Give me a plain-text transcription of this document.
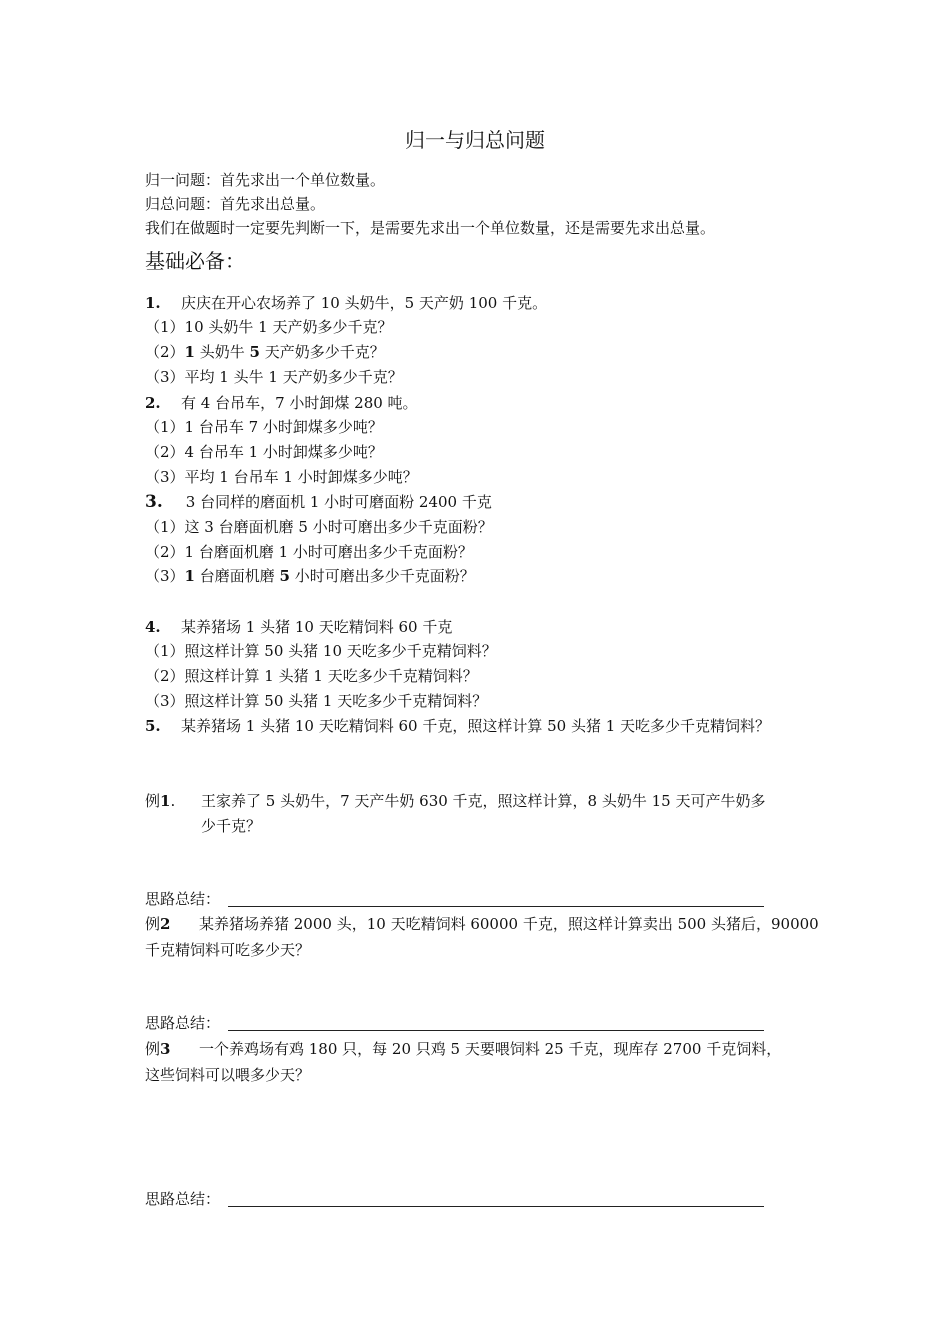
归一与归总问题
归一问题：首先求出一个单位数量。
归总问题：首先求出总量。
我们在做题时一定要先判断一下，是需要先求出一个单位数量，还是需要先求出总量。
基础必备：
1. 庆庆在开心农场养了 10 头奶牛，5 天产奶 100 千克。
（1）10 头奶牛 1 天产奶多少千克？
（2）1 头奶牛 5 天产奶多少千克？
（3）平均 1 头牛 1 天产奶多少千克？
2. 有 4 台吊车，7 小时卸煤 280 吨。
（1）1 台吊车 7 小时卸煤多少吨？
（2）4 台吊车 1 小时卸煤多少吨？
（3）平均 1 台吊车 1 小时卸煤多少吨？
3. 3 台同样的磨面机 1 小时可磨面粉 2400 千克
（1）这 3 台磨面机磨 5 小时可磨出多少千克面粉？
（2）1 台磨面机磨 1 小时可磨出多少千克面粉？
（3）1 台磨面机磨 5 小时可磨出多少千克面粉？
4. 某养猪场 1 头猪 10 天吃精饲料 60 千克
（1）照这样计算 50 头猪 10 天吃多少千克精饲料？
（2）照这样计算 1 头猪 1 天吃多少千克精饲料？
（3）照这样计算 50 头猪 1 天吃多少千克精饲料？
5. 某养猪场 1 头猪 10 天吃精饲料 60 千克，照这样计算 50 头猪 1 天吃多少千克精饲料？
例1. 王家养了 5 头奶牛，7 天产牛奶 630 千克，照这样计算，8 头奶牛 15 天可产牛奶多
少千克？
思路总结：
例2 某养猪场养猪 2000 头，10 天吃精饲料 60000 千克，照这样计算卖出 500 头猪后，90000
千克精饲料可吃多少天？
思路总结：
例3 一个养鸡场有鸡 180 只，每 20 只鸡 5 天要喂饲料 25 千克，现库存 2700 千克饲料，
这些饲料可以喂多少天？
思路总结：
